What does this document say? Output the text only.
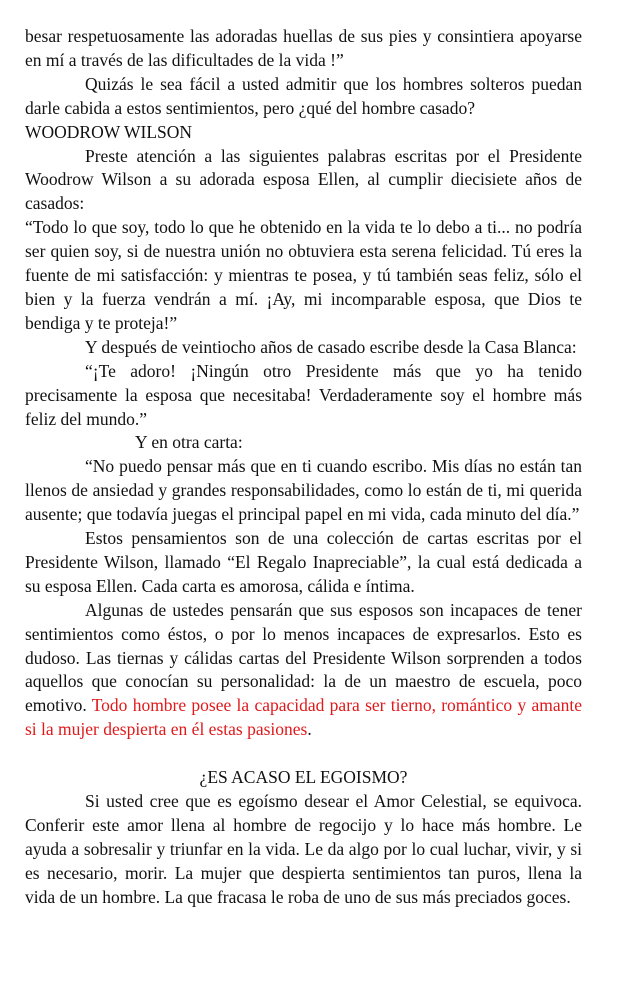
besar respetuosamente las adoradas huellas de sus pies y consintiera apoyarse en mí a través de las dificultades de la vida !”

Quizás le sea fácil a usted admitir que los hombres solteros puedan darle cabida a estos sentimientos, pero ¿qué del hombre casado?

WOODROW WILSON

Preste atención a las siguientes palabras escritas por el Presidente Woodrow Wilson a su adorada esposa Ellen, al cumplir diecisiete años de casados:

“Todo lo que soy, todo lo que he obtenido en la vida te lo debo a ti... no podría ser quien soy, si de nuestra unión no obtuviera esta serena felicidad. Tú eres la fuente de mi satisfacción: y mientras te posea, y tú también seas feliz, sólo el bien y la fuerza vendrán a mí. ¡Ay, mi incomparable esposa, que Dios te bendiga y te proteja!”

Y después de veintiocho años de casado escribe desde la Casa Blanca:

“¡Te adoro! ¡Ningún otro Presidente más que yo ha tenido precisamente la esposa que necesitaba! Verdaderamente soy el hombre más feliz del mundo.”

Y en otra carta:

“No puedo pensar más que en ti cuando escribo. Mis días no están tan llenos de ansiedad y grandes responsabilidades, como lo están de ti, mi querida ausente; que todavía juegas el principal papel en mi vida, cada minuto del día.”

Estos pensamientos son de una colección de cartas escritas por el Presidente Wilson, llamado “El Regalo Inapreciable”, la cual está dedicada a su esposa Ellen. Cada carta es amorosa, cálida e íntima.

Algunas de ustedes pensarán que sus esposos son incapaces de tener sentimientos como éstos, o por lo menos incapaces de expresarlos. Esto es dudoso. Las tiernas y cálidas cartas del Presidente Wilson sorprenden a todos aquellos que conocían su personalidad: la de un maestro de escuela, poco emotivo. Todo hombre posee la capacidad para ser tierno, romántico y amante si la mujer despierta en él estas pasiones.

¿ES ACASO EL EGOISMO?

Si usted cree que es egoísmo desear el Amor Celestial, se equivoca. Conferir este amor llena al hombre de regocijo y lo hace más hombre. Le ayuda a sobresalir y triunfar en la vida. Le da algo por lo cual luchar, vivir, y si es necesario, morir. La mujer que despierta sentimientos tan puros, llena la vida de un hombre. La que fracasa le roba de uno de sus más preciados goces.
